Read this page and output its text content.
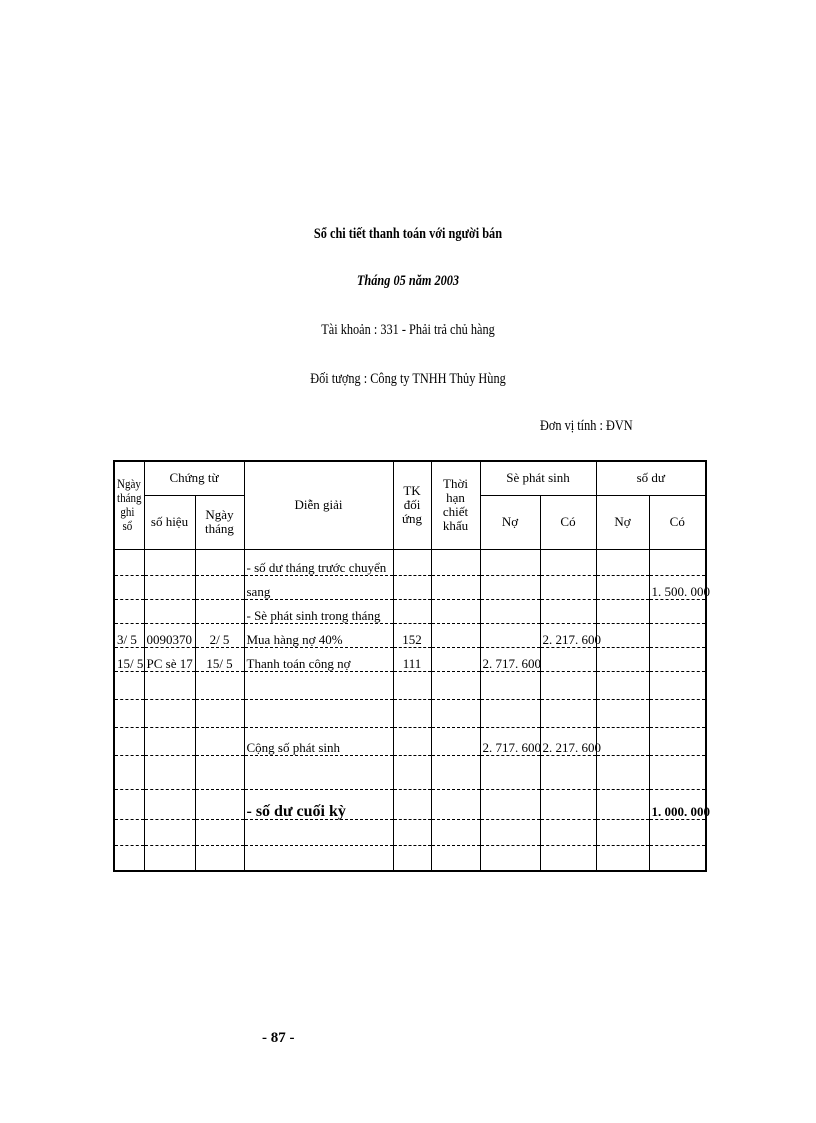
Sổ chi tiết thanh toán với người bán
Tháng 05 năm 2003
Tài khoản : 331 - Phải trả chủ hàng
Đối tượng : Công ty TNHH Thủy Hùng
Đơn vị tính : ĐVN
Ngày tháng ghi sổ	Chứng từ		Diễn giải	TK đối ứng	Thời hạn chiết khấu	Sè phát sinh		số dư	
	số hiệu	Ngày tháng				Nợ	Có	Nợ	Có
			- số dư tháng trước chuyển						
			sang						1. 500. 000
			- Sè phát sinh trong tháng						
3/ 5	0090370	2/ 5	Mua hàng nợ 40%	152			2. 217. 600		
15/ 5	PC sè 17	15/ 5	Thanh toán công nợ	111		2. 717. 600			

			Cộng số phát sinh			2. 717. 600	2. 217. 600		

			- số dư cuối kỳ						1. 000. 000

- 87 -
